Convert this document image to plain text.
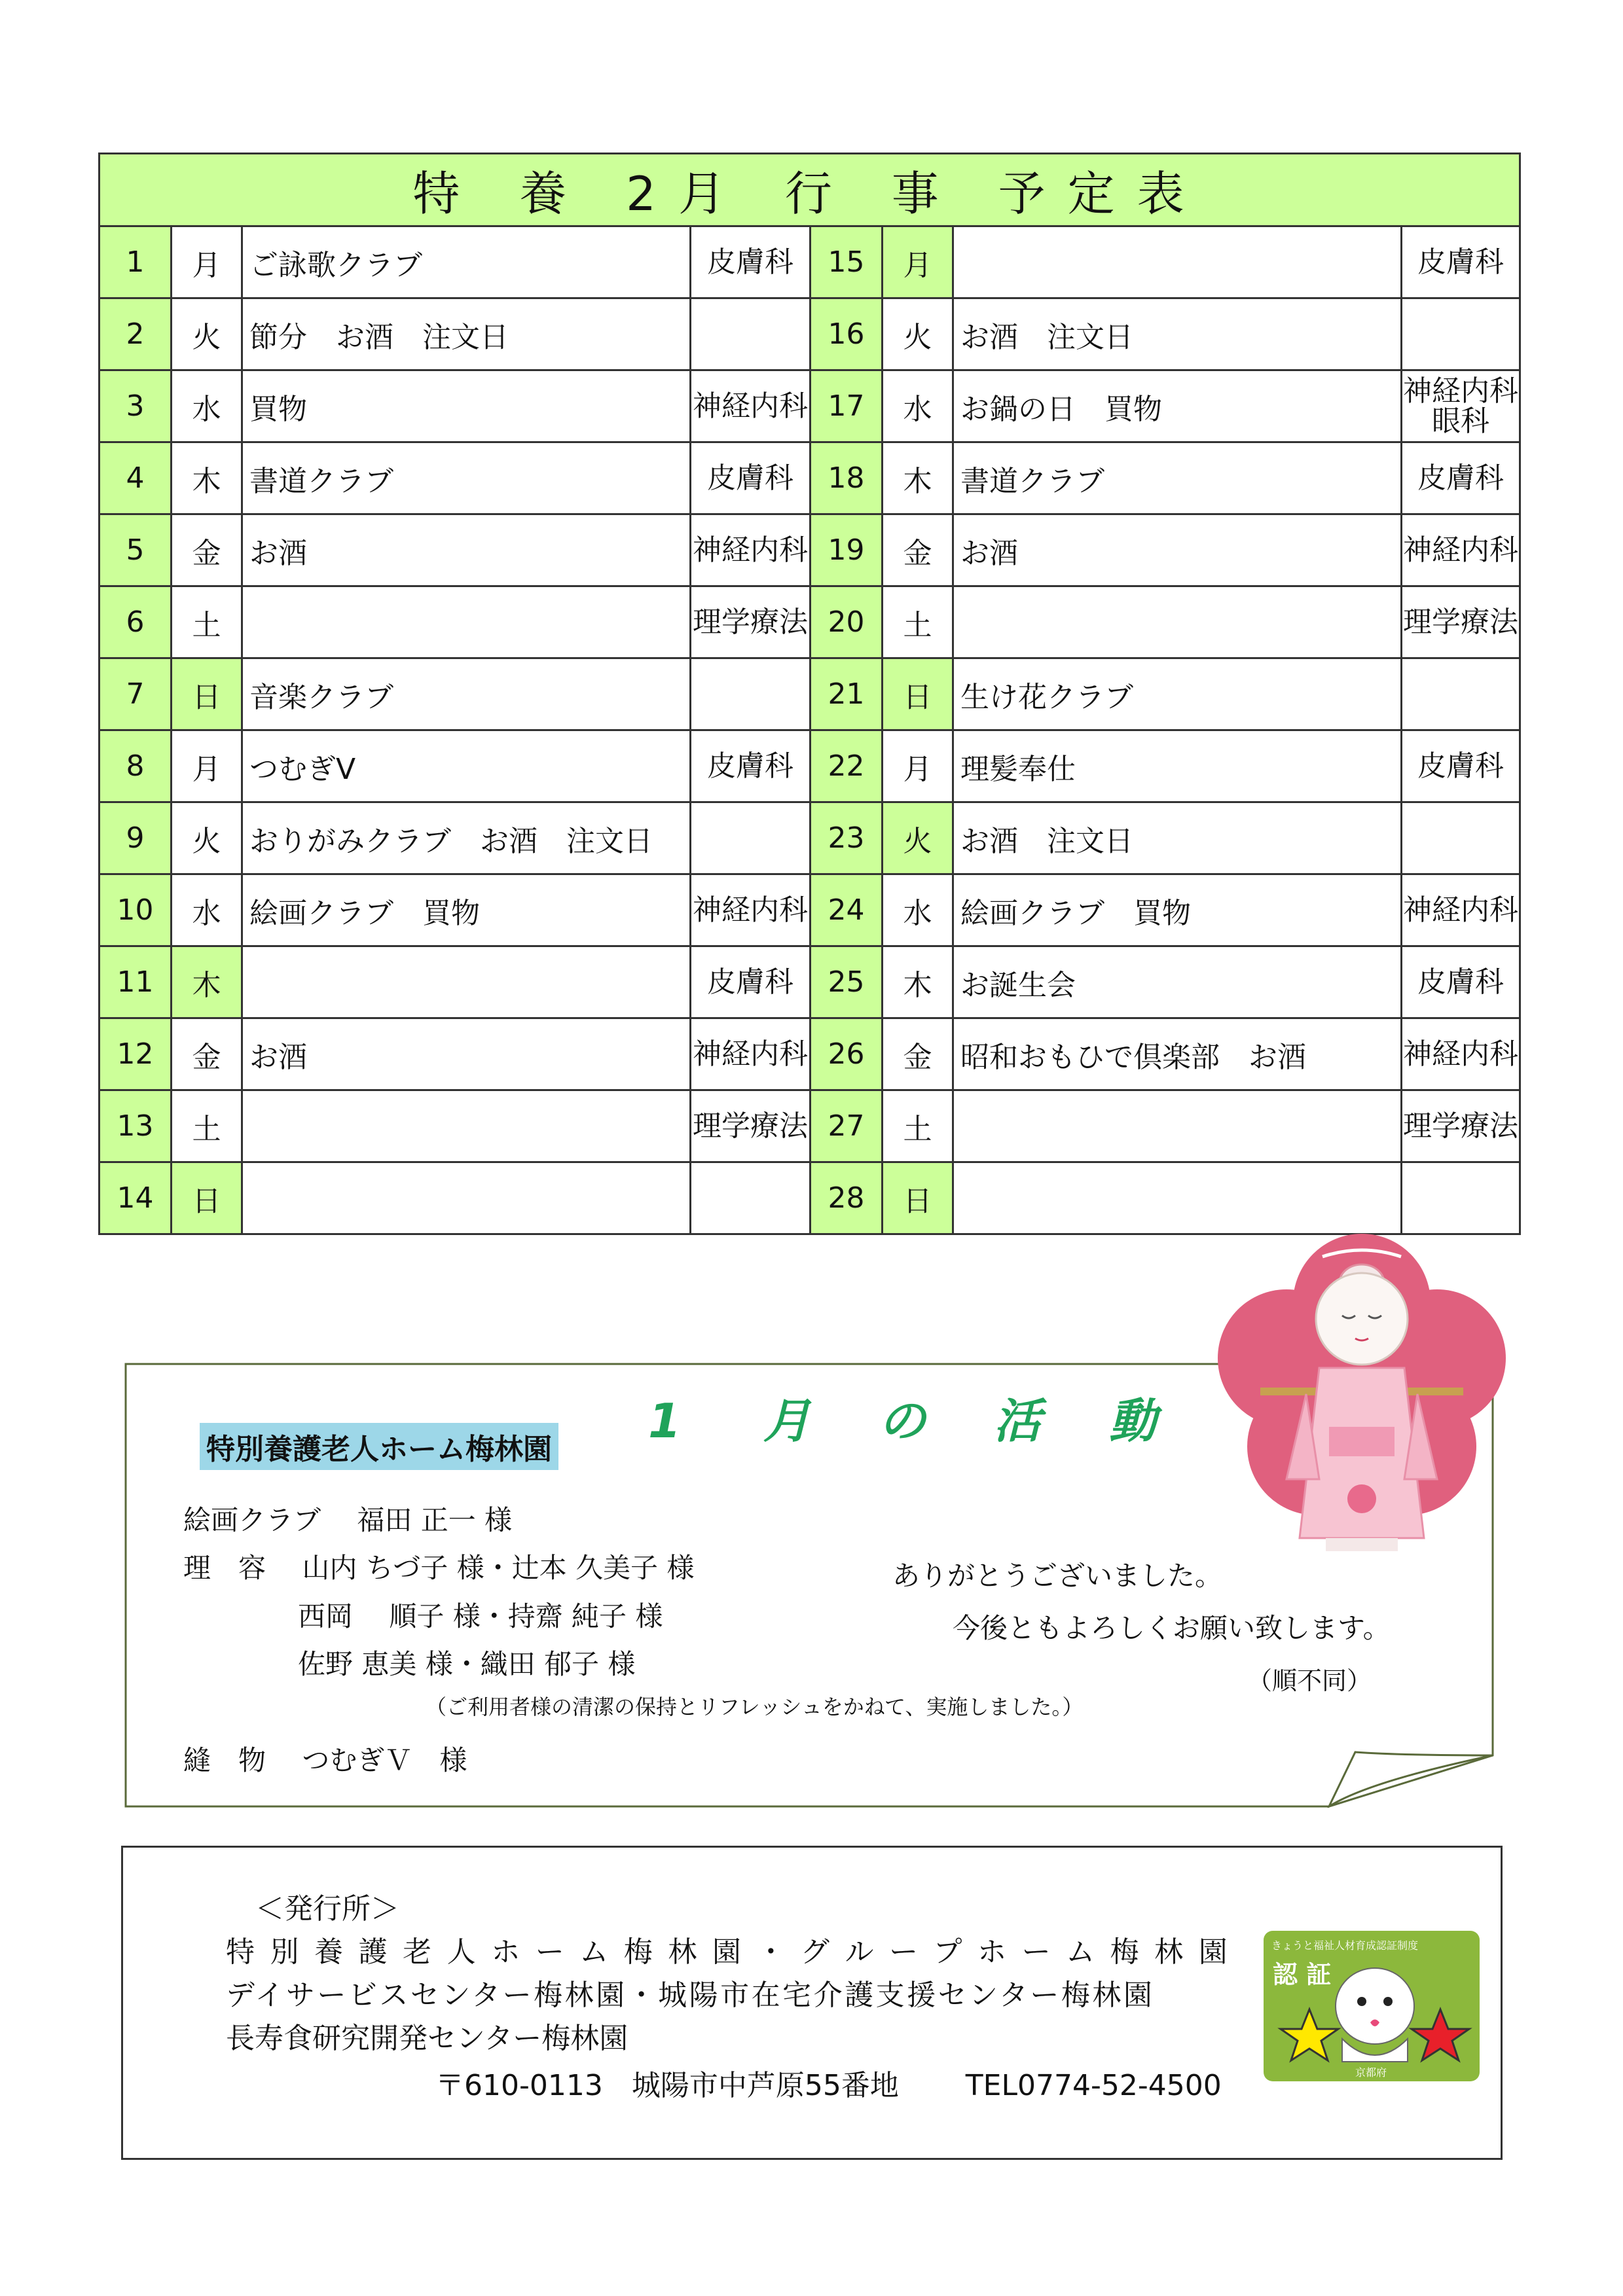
特 養 2月 行 事 予定表							
1	月	ご詠歌クラブ	皮膚科	15	月		皮膚科
2	火	節分　お酒　注文日		16	火	お酒　注文日	
3	水	買物	神経内科	17	水	お鍋の日　買物	神経内科
眼科
4	木	書道クラブ	皮膚科	18	木	書道クラブ	皮膚科
5	金	お酒	神経内科	19	金	お酒	神経内科
6	土		理学療法	20	土		理学療法
7	日	音楽クラブ		21	日	生け花クラブ	
8	月	つむぎV	皮膚科	22	月	理髪奉仕	皮膚科
9	火	おりがみクラブ　お酒　注文日		23	火	お酒　注文日	
10	水	絵画クラブ　買物	神経内科	24	水	絵画クラブ　買物	神経内科
11	木		皮膚科	25	木	お誕生会	皮膚科
12	金	お酒	神経内科	26	金	昭和おもひで倶楽部　お酒	神経内科
13	土		理学療法	27	土		理学療法
14	日			28	日		
1 月 の 活 動
特別養護老人ホーム梅林園
絵画クラブ　 福田 正一 様
理　容　 山内 ちづ子 様・辻本 久美子 様
西岡　 順子 様・持齋 純子 様
佐野 恵美 様・織田 郁子 様
（ご利用者様の清潔の保持とリフレッシュをかねて、実施しました。）
縫　物　 つむぎＶ　様
ありがとうございました。
今後ともよろしくお願い致します。
（順不同）
＜発行所＞
特 別 養 護 老 人 ホ ー ム 梅 林 園 ・ グ ル ー プ ホ ー ム 梅 林 園
デイサービスセンター梅林園・城陽市在宅介護支援センター梅林園
長寿食研究開発センター梅林園
〒610-0113　城陽市中芦原55番地　　 TEL0774-52-4500
きょうと福祉人材育成認証制度
認 証
京都府
